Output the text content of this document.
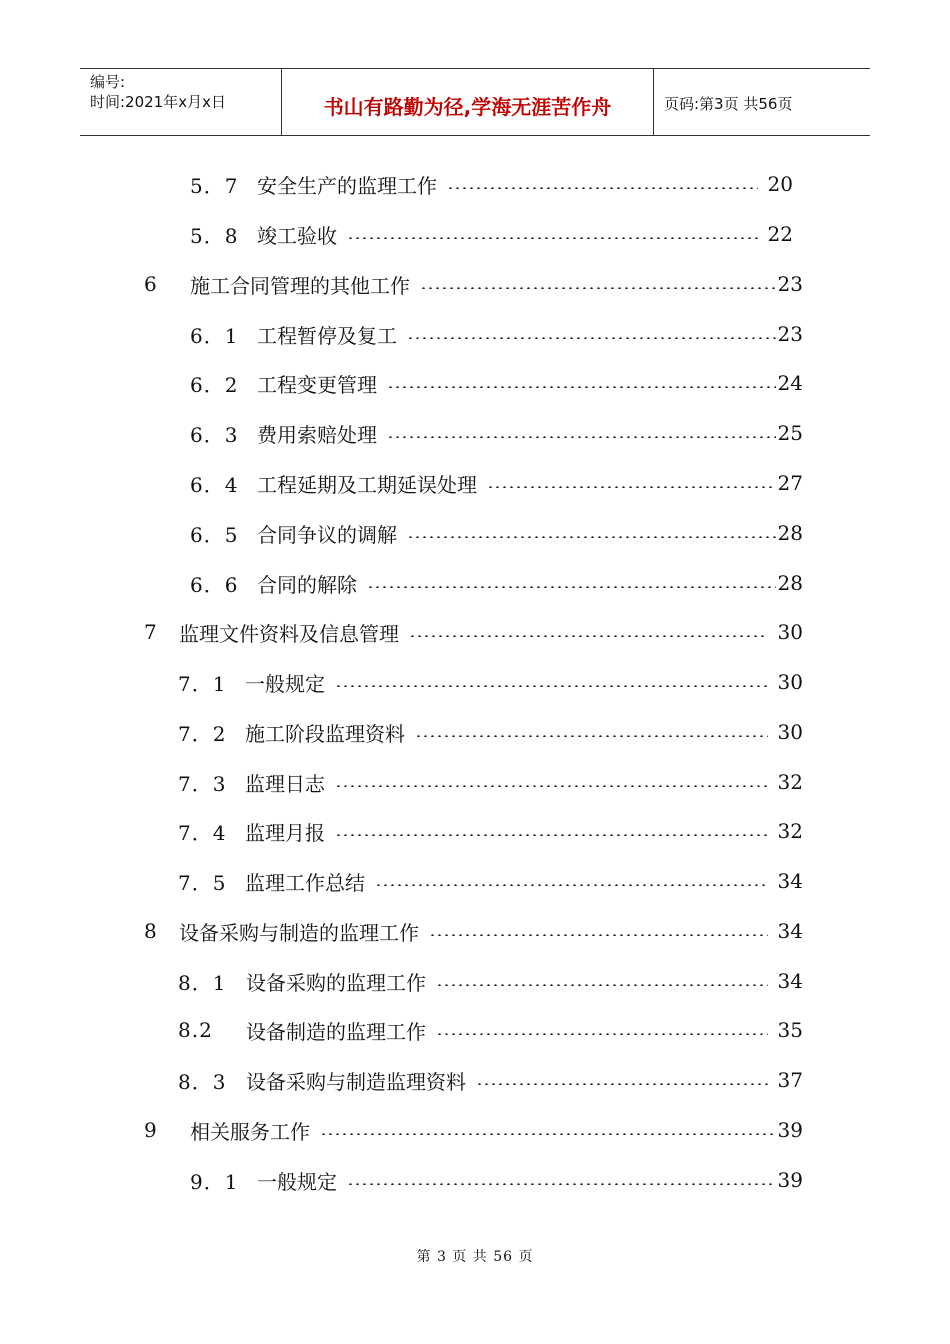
编号:
时间:2021年x月x日	书山有路勤为径,学海无涯苦作舟	页码:第3页 共56页
5．7 安全生产的监理工作	20
5．8 竣工验收	22
6	施工合同管理的其他工作	23
6．1 工程暂停及复工	23
6．2 工程变更管理	24
6．3 费用索赔处理	25
6．4 工程延期及工期延误处理	27
6．5 合同争议的调解	28
6．6 合同的解除	28
7	监理文件资料及信息管理	30
7．1 一般规定	30
7．2 施工阶段监理资料	30
7．3 监理日志	32
7．4 监理月报	32
7．5 监理工作总结	34
8	设备采购与制造的监理工作	34
8．1 设备采购的监理工作	34
8.2	设备制造的监理工作	35
8．3 设备采购与制造监理资料	37
9	相关服务工作	39
9．1 一般规定	39
第 3 页 共 56 页
